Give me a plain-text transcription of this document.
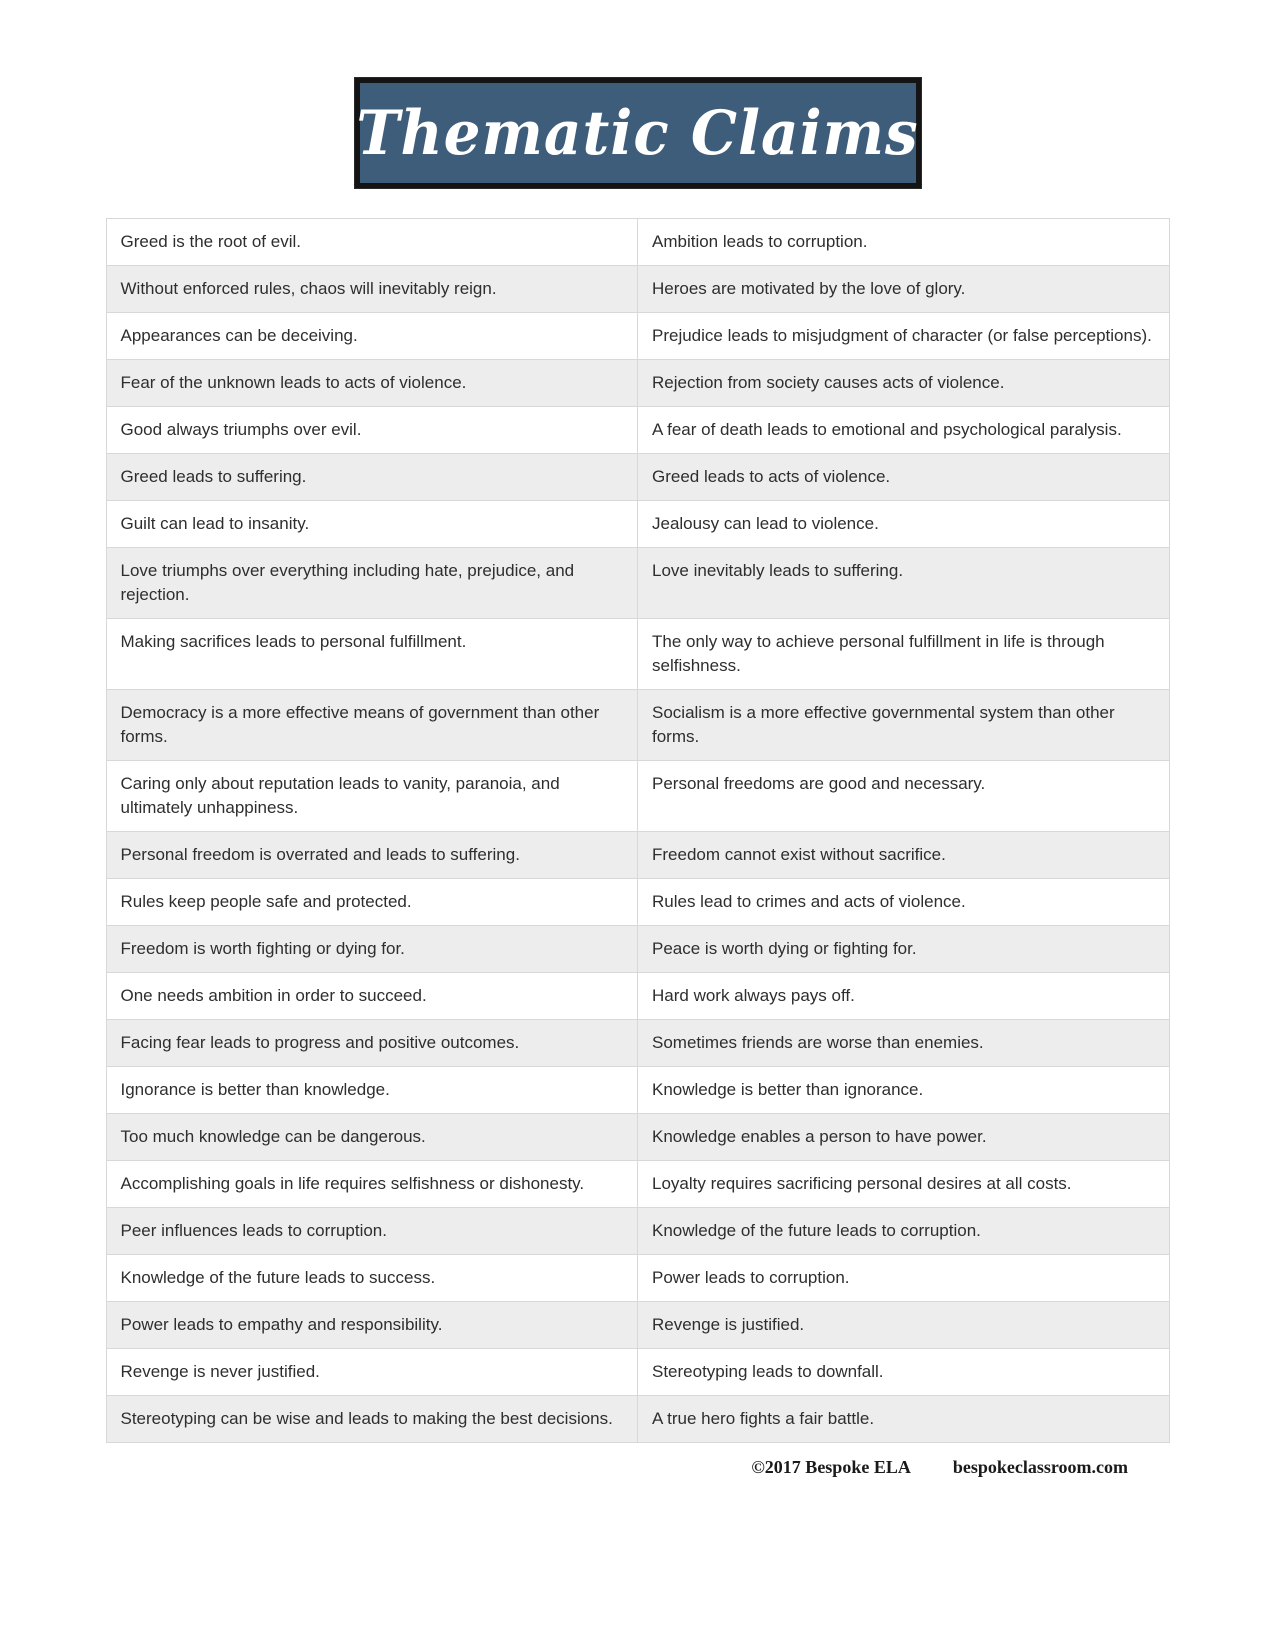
Thematic Claims
Greed is the root of evil.	Ambition leads to corruption.
Without enforced rules, chaos will inevitably reign.	Heroes are motivated by the love of glory.
Appearances can be deceiving.	Prejudice leads to misjudgment of character (or false perceptions).
Fear of the unknown leads to acts of violence.	Rejection from society causes acts of violence.
Good always triumphs over evil.	A fear of death leads to emotional and psychological paralysis.
Greed leads to suffering.	Greed leads to acts of violence.
Guilt can lead to insanity.	Jealousy can lead to violence.
Love triumphs over everything including hate, prejudice, and rejection.	Love inevitably leads to suffering.
Making sacrifices leads to personal fulfillment.	The only way to achieve personal fulfillment in life is through selfishness.
Democracy is a more effective means of government than other forms.	Socialism is a more effective governmental system than other forms.
Caring only about reputation leads to vanity, paranoia, and ultimately unhappiness.	Personal freedoms are good and necessary.
Personal freedom is overrated and leads to suffering.	Freedom cannot exist without sacrifice.
Rules keep people safe and protected.	Rules lead to crimes and acts of violence.
Freedom is worth fighting or dying for.	Peace is worth dying or fighting for.
One needs ambition in order to succeed.	Hard work always pays off.
Facing fear leads to progress and positive outcomes.	Sometimes friends are worse than enemies.
Ignorance is better than knowledge.	Knowledge is better than ignorance.
Too much knowledge can be dangerous.	Knowledge enables a person to have power.
Accomplishing goals in life requires selfishness or dishonesty.	Loyalty requires sacrificing personal desires at all costs.
Peer influences leads to corruption.	Knowledge of the future leads to corruption.
Knowledge of the future leads to success.	Power leads to corruption.
Power leads to empathy and responsibility.	Revenge is justified.
Revenge is never justified.	Stereotyping leads to downfall.
Stereotyping can be wise and leads to making the best decisions.	A true hero fights a fair battle.
©2017 Bespoke ELA bespokeclassroom.com
